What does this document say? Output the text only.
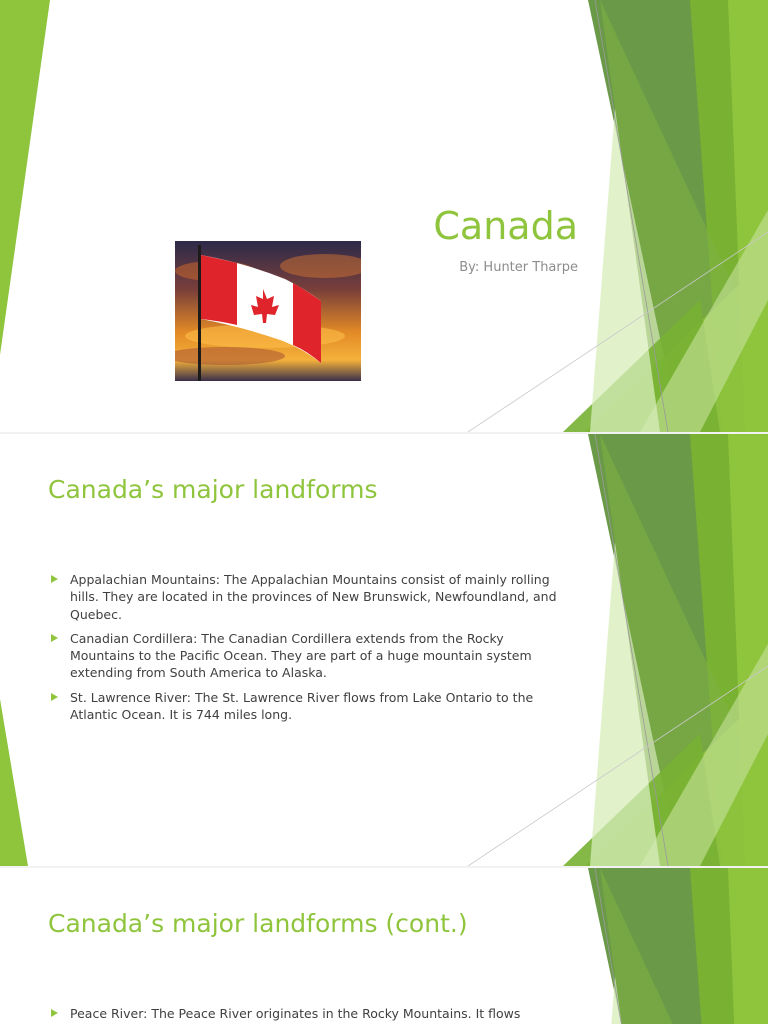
Canada
By: Hunter Tharpe
Canada’s major landforms
Appalachian Mountains: The Appalachian Mountains consist of mainly rolling hills. They are located in the provinces of New Brunswick, Newfoundland, and Quebec.
Canadian Cordillera: The Canadian Cordillera extends from the Rocky Mountains to the Pacific Ocean. They are part of a huge mountain system extending from South America to Alaska.
St. Lawrence River: The St. Lawrence River flows from Lake Ontario to the Atlantic Ocean. It is 744 miles long.
Canada’s major landforms (cont.)
Peace River: The Peace River originates in the Rocky Mountains. It flows
